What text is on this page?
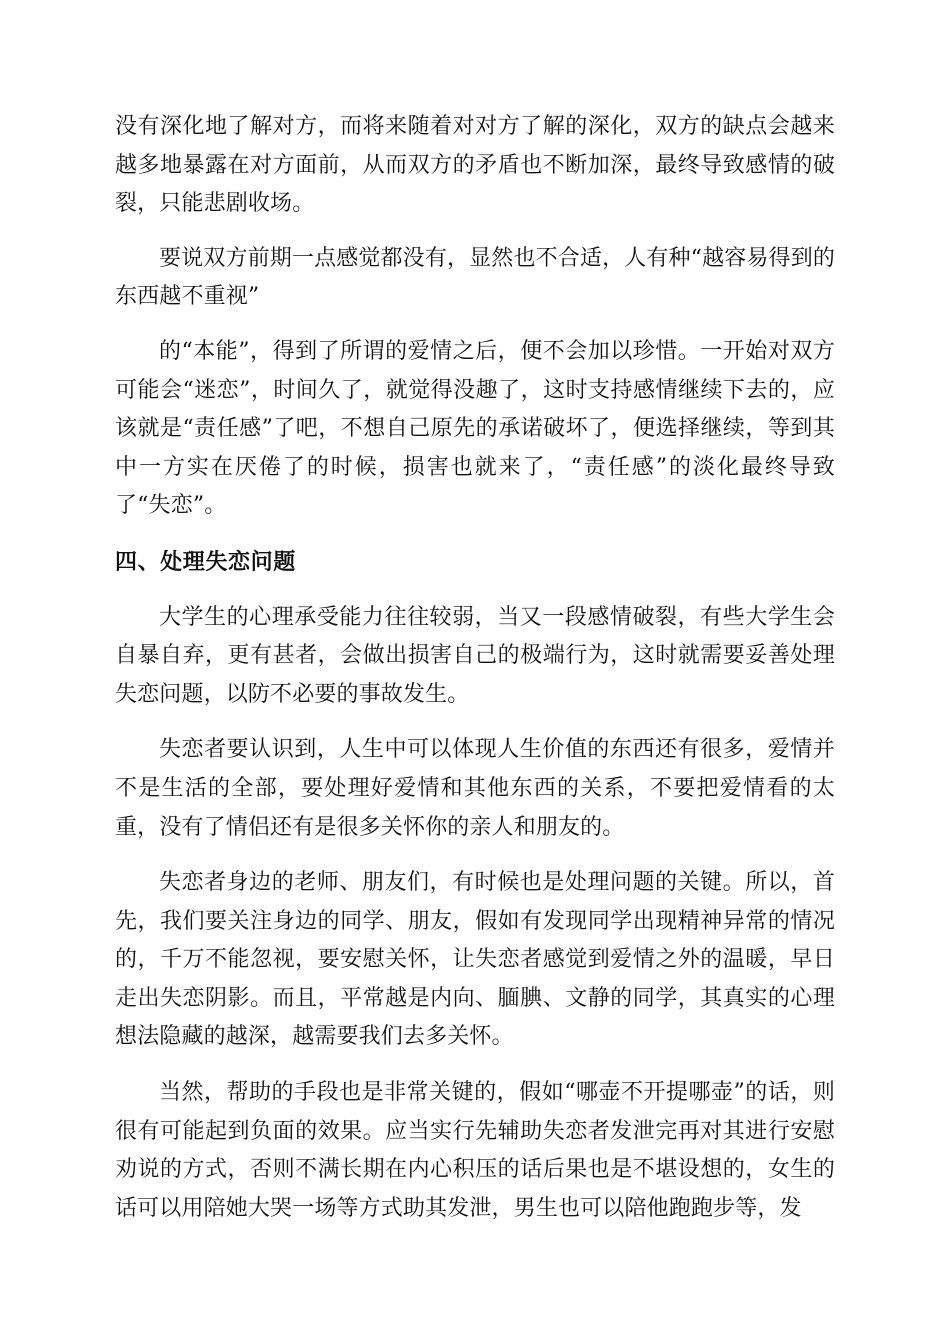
没有深化地了解对方，而将来随着对对方了解的深化，双方的缺点会越来越多地暴露在对方面前，从而双方的矛盾也不断加深，最终导致感情的破裂，只能悲剧收场。

要说双方前期一点感觉都没有，显然也不合适，人有种“越容易得到的东西越不重视”

的“本能”，得到了所谓的爱情之后，便不会加以珍惜。一开始对双方可能会“迷恋”，时间久了，就觉得没趣了，这时支持感情继续下去的，应该就是“责任感”了吧，不想自己原先的承诺破坏了，便选择继续，等到其中一方实在厌倦了的时候，损害也就来了，“责任感”的淡化最终导致了“失恋”。

四、处理失恋问题

大学生的心理承受能力往往较弱，当又一段感情破裂，有些大学生会自暴自弃，更有甚者，会做出损害自己的极端行为，这时就需要妥善处理失恋问题，以防不必要的事故发生。

失恋者要认识到，人生中可以体现人生价值的东西还有很多，爱情并不是生活的全部，要处理好爱情和其他东西的关系，不要把爱情看的太重，没有了情侣还有是很多关怀你的亲人和朋友的。

失恋者身边的老师、朋友们，有时候也是处理问题的关键。所以，首先，我们要关注身边的同学、朋友，假如有发现同学出现精神异常的情况的，千万不能忽视，要安慰关怀，让失恋者感觉到爱情之外的温暖，早日走出失恋阴影。而且，平常越是内向、腼腆、文静的同学，其真实的心理想法隐藏的越深，越需要我们去多关怀。

当然，帮助的手段也是非常关键的，假如“哪壶不开提哪壶”的话，则很有可能起到负面的效果。应当实行先辅助失恋者发泄完再对其进行安慰劝说的方式，否则不满长期在内心积压的话后果也是不堪设想的，女生的话可以用陪她大哭一场等方式助其发泄，男生也可以陪他跑跑步等，发
